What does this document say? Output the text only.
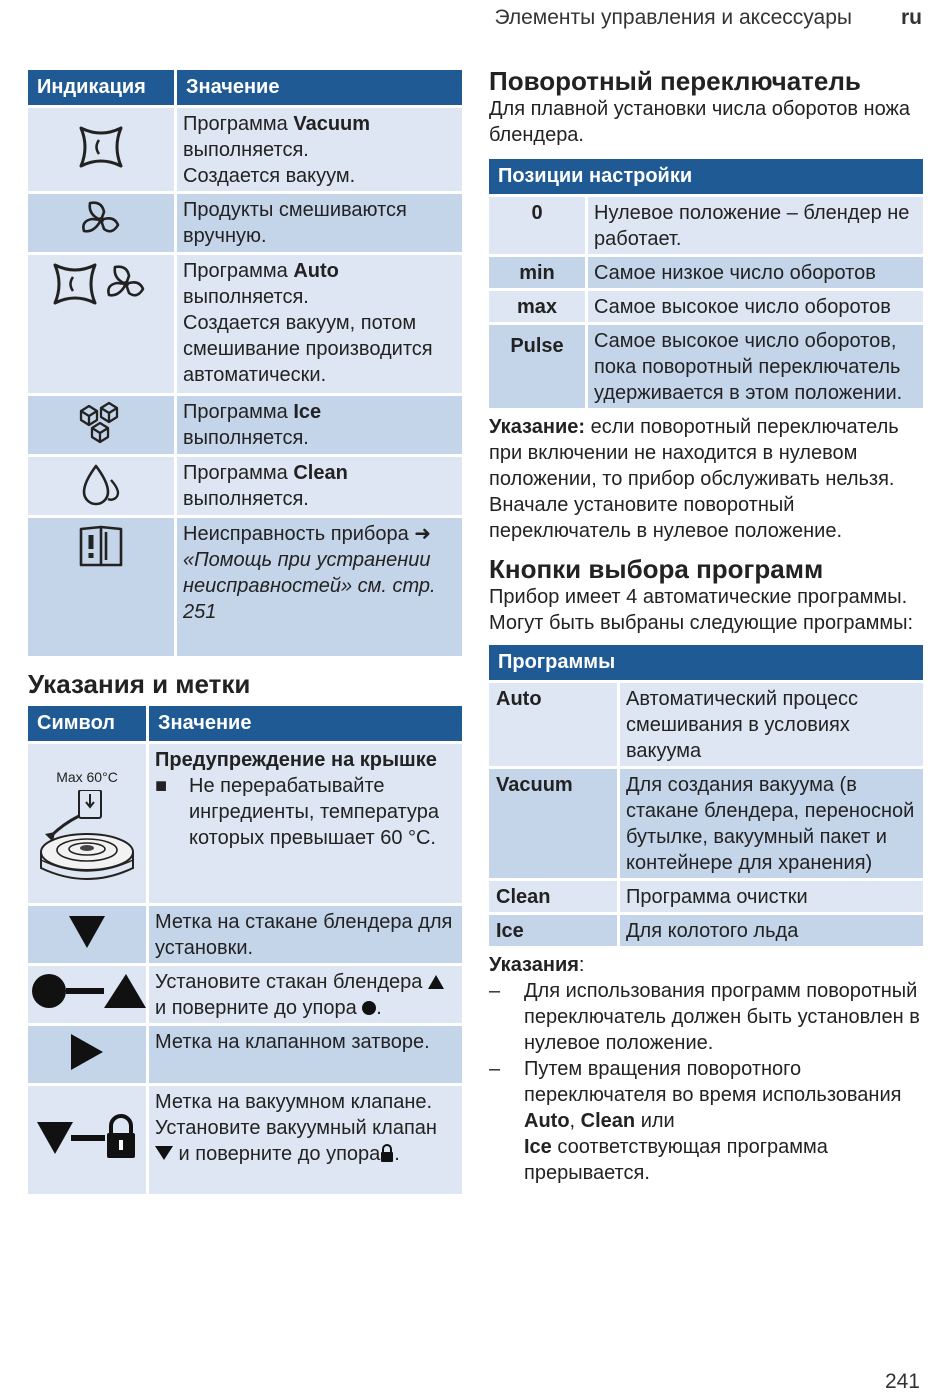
Элементы управления и аксессуары ru
Индикация	Значение
	Программа Vacuum
выполняется.
Создается вакуум.
	Продукты смешиваются вручную.
	Программа Auto
выполняется.
Создается вакуум, потом смешивание производится автоматически.
	Программа Ice
выполняется.
	Программа Clean
выполняется.
	Неисправность прибора ➜ «Помощь при устранении неисправностей» см. стр. 251
Указания и метки
Символ	Значение

Max 60°C	Предупреждение на крышке
■ Не перерабатывайте ингредиенты, температура которых превышает 60 °C.

	Метка на стакане блендера для установки.
	Установите стакан блендера  и поверните до упора .
	Метка на клапанном затворе.
	Метка на вакуумном клапане. Установите вакуумный клапан  и поверните до упора .
Поворотный переключатель

Для плавной установки числа оборотов ножа блендера.

Позиции настройки	
0	Нулевое положение – блендер не работает.
min	Самое низкое число оборотов
max	Самое высокое число оборотов
Pulse	Самое высокое число оборотов, пока поворотный переключатель удерживается в этом положении.

Указание: если поворотный переключатель при включении не находится в нулевом положении, то прибор обслуживать нельзя. Вначале установите поворотный переключатель в нулевое положение.

Кнопки выбора программ

Прибор имеет 4 автоматические программы. Могут быть выбраны следующие программы:

Программы	
Auto	Автоматический процесс смешивания в условиях вакуума
Vacuum	Для создания вакуума (в стакане блендера, переносной бутылке, вакуумный пакет и контейнере для хранения)
Clean	Программа очистки
Ice	Для колотого льда

Указания:

– Для использования программ поворотный переключатель должен быть установлен в нулевое положение.
– Путем вращения поворотного переключателя во время использования Auto, Clean или
Ice соответствующая программа прерывается.
241
